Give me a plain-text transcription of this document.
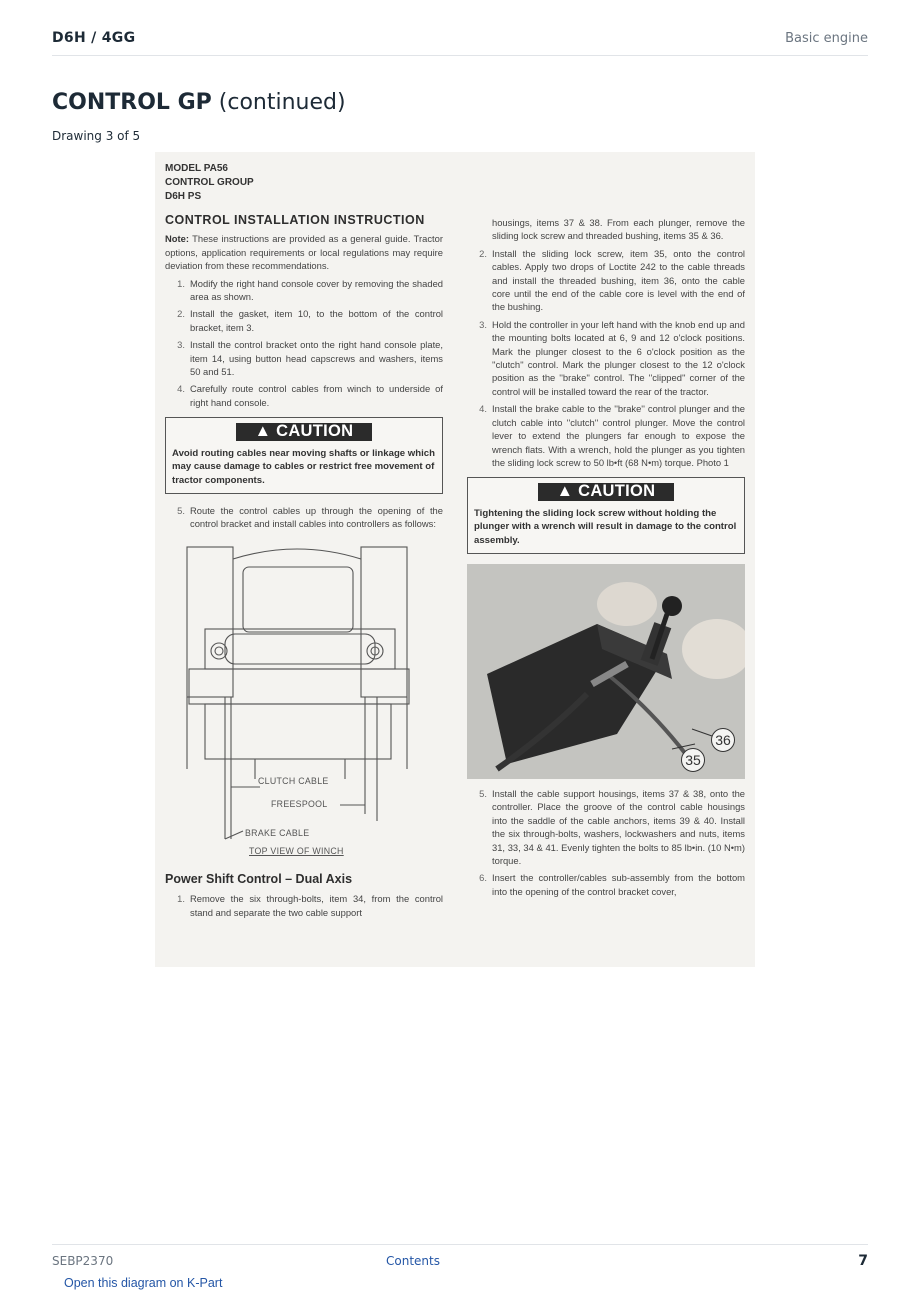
D6H / 4GG	Basic engine
CONTROL GP (continued)
Drawing 3 of 5
MODEL PA56
CONTROL GROUP
D6H PS
CONTROL INSTALLATION INSTRUCTION
Note: These instructions are provided as a general guide. Tractor options, application requirements or local regulations may require deviation from these recommendations.
1. Modify the right hand console cover by removing the shaded area as shown.
2. Install the gasket, item 10, to the bottom of the control bracket, item 3.
3. Install the control bracket onto the right hand console plate, item 14, using button head capscrews and washers, items 50 and 51.
4. Carefully route control cables from winch to underside of right hand console.
▲ CAUTION
Avoid routing cables near moving shafts or linkage which may cause damage to cables or restrict free movement of tractor components.
5. Route the control cables up through the opening of the control bracket and install cables into controllers as follows:
CLUTCH CABLE
FREESPOOL
BRAKE CABLE
TOP VIEW OF WINCH
Power Shift Control – Dual Axis
1. Remove the six through-bolts, item 34, from the control stand and separate the two cable support
housings, items 37 & 38. From each plunger, remove the sliding lock screw and threaded bushing, items 35 & 36.
2. Install the sliding lock screw, item 35, onto the control cables. Apply two drops of Loctite 242 to the cable threads and install the threaded bushing, item 36, onto the cable core until the end of the cable core is level with the end of the bushing.
3. Hold the controller in your left hand with the knob end up and the mounting bolts located at 6, 9 and 12 o'clock positions. Mark the plunger closest to the 6 o'clock position as the ''clutch'' control. Mark the plunger closest to the 12 o'clock position as the ''brake'' control. The ''clipped'' corner of the control will be installed toward the rear of the tractor.
4. Install the brake cable to the ''brake'' control plunger and the clutch cable into ''clutch'' control plunger. Move the control lever to extend the plungers far enough to expose the wrench flats. With a wrench, hold the plunger as you tighten the sliding lock screw to 50 lb•ft (68 N•m) torque. Photo 1
▲ CAUTION
Tightening the sliding lock screw without holding the plunger with a wrench will result in damage to the control assembly.
36
35
5. Install the cable support housings, items 37 & 38, onto the controller. Place the groove of the control cable housings into the saddle of the cable anchors, items 39 & 40. Install the six through-bolts, washers, lockwashers and nuts, items 31, 33, 34 & 41. Evenly tighten the bolts to 85 lb•in. (10 N•m) torque.
6. Insert the controller/cables sub-assembly from the bottom into the opening of the control bracket cover,
SEBP2370	Contents	7
Open this diagram on K-Part
